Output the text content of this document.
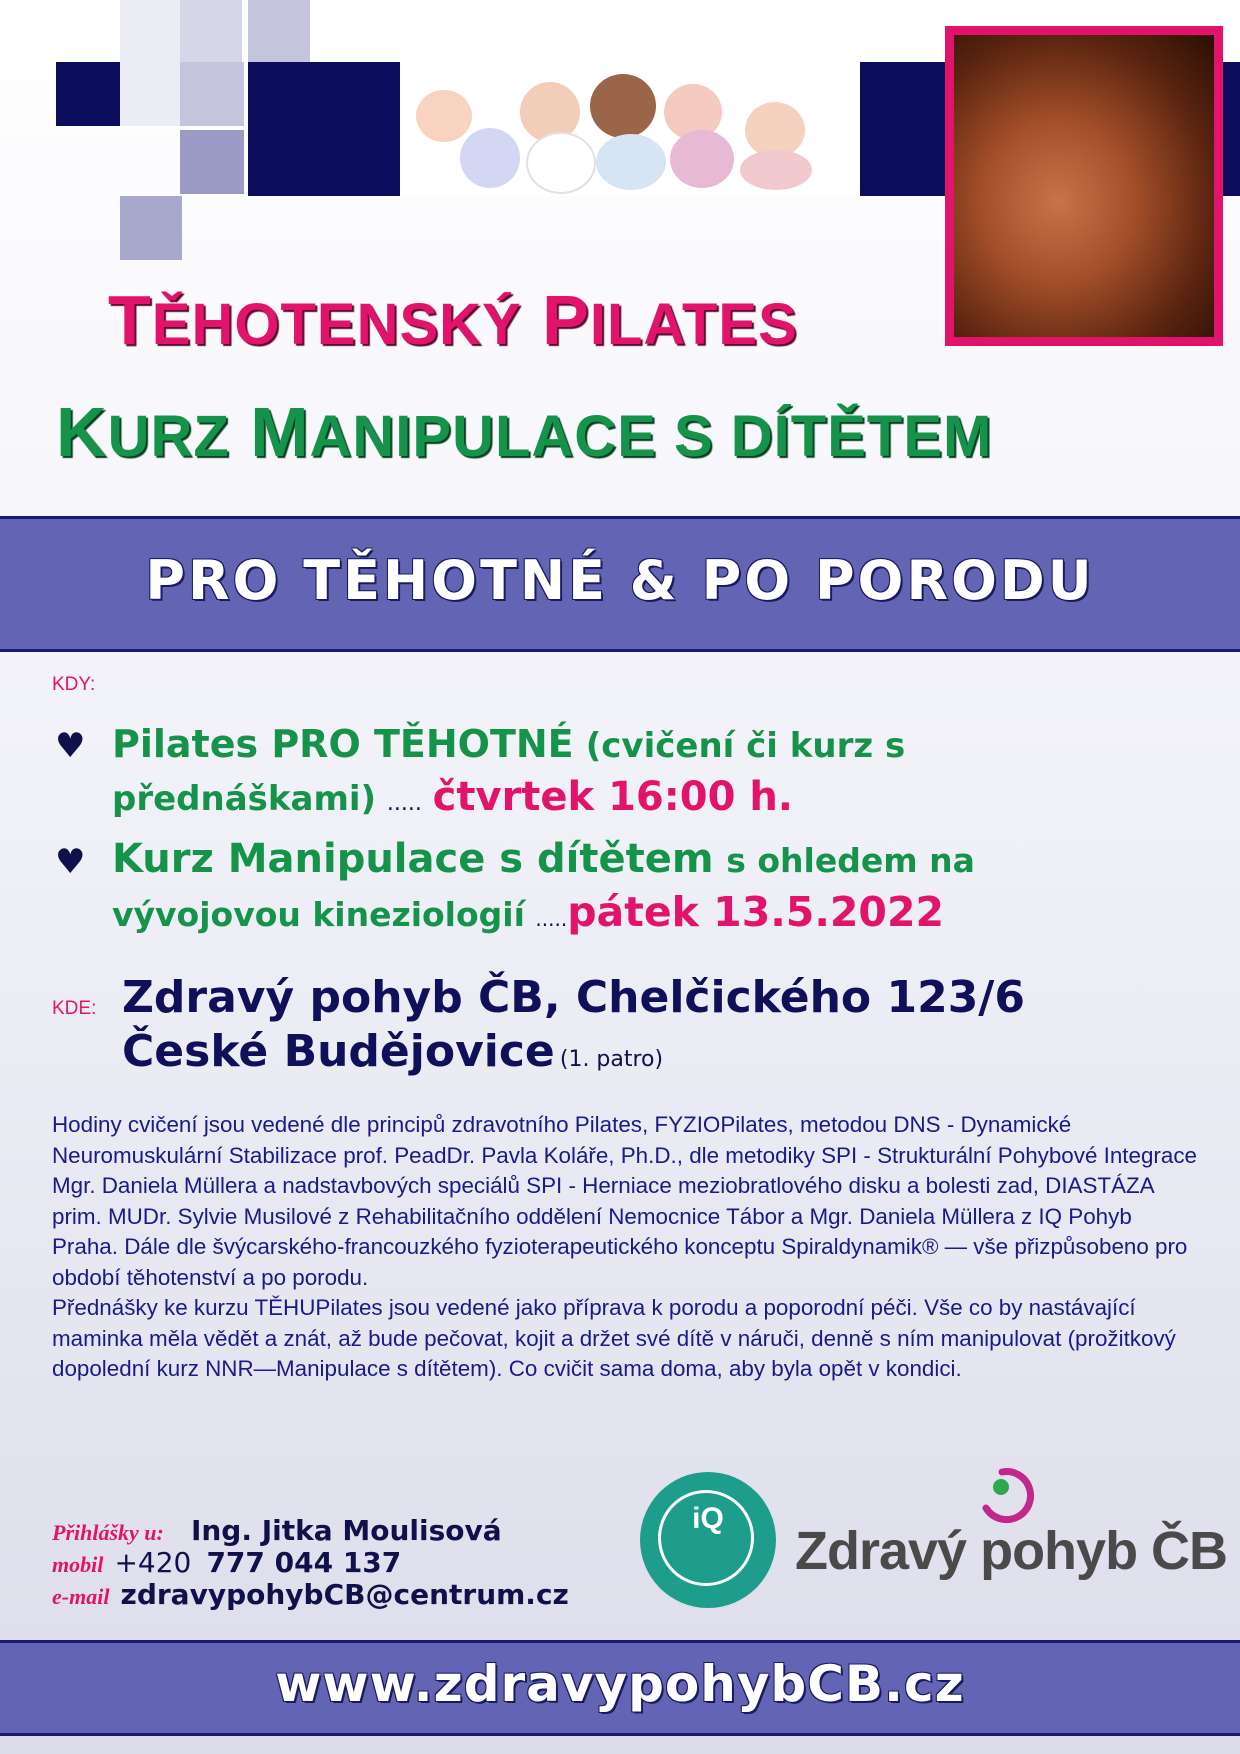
TĚHOTENSKÝ PILATES
KURZ MANIPULACE S DÍTĚTEM
PRO TĚHOTNÉ & PO PORODU
KDY:
♥ Pilates PRO TĚHOTNÉ (cvičení či kurz s
přednáškami) ..... čtvrtek 16:00 h.
♥ Kurz Manipulace s dítětem s ohledem na
vývojovou kineziologií .....pátek 13.5.2022
KDE: Zdravý pohyb ČB, Chelčického 123/6
České Budějovice (1. patro)

Hodiny cvičení jsou vedené dle principů zdravotního Pilates, FYZIOPilates, metodou DNS - Dynamické Neuromuskulární Stabilizace prof. PeadDr. Pavla Koláře, Ph.D., dle metodiky SPI - Strukturální Pohybové Integrace Mgr. Daniela Müllera a nadstavbových speciálů SPI - Herniace meziobratlového disku a bolesti zad, DIASTÁZA prim. MUDr. Sylvie Musilové z Rehabilitačního oddělení Nemocnice Tábor a Mgr. Daniela Müllera z IQ Pohyb Praha. Dále dle švýcarského-francouzkého fyzioterapeutického konceptu Spiraldynamik® — vše přizpůsobeno pro období těhotenství a po porodu.

Přednášky ke kurzu TĚHUPilates jsou vedené jako příprava k porodu a poporodní péči. Vše co by nastávající maminka měla vědět a znát, až bude pečovat, kojit a držet své dítě v náruči, denně s ním manipulovat (prožitkový dopolední kurz NNR—Manipulace s dítětem). Co cvičit sama doma, aby byla opět v kondici.

Přihlášky u: Ing. Jitka Moulisová
mobil +420 777 044 137
e-mail zdravypohybCB@centrum.cz
iQ
Zdravý pohyb ČB
www.zdravypohybCB.cz
